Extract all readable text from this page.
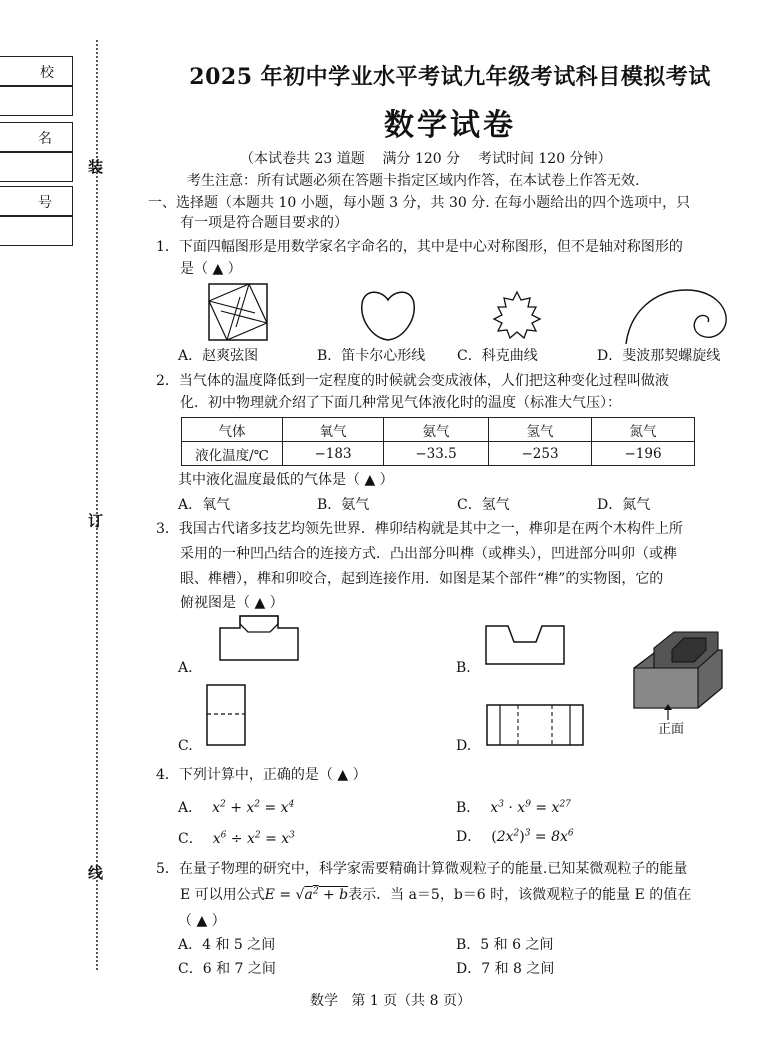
校
名
号
装
订
线
2025 年初中学业水平考试九年级考试科目模拟考试
数学试卷
（本试卷共 23 道题    满分 120 分    考试时间 120 分钟）
考生注意：所有试题必须在答题卡指定区域内作答，在本试卷上作答无效.
一、选择题（本题共 10 小题，每小题 3 分，共 30 分. 在每小题给出的四个选项中，只
有一项是符合题目要求的）
1．下面四幅图形是用数学家名字命名的，其中是中心对称图形，但不是轴对称图形的
是（ ▲ ）
A．赵爽弦图	B．笛卡尔心形线 C．科克曲线	D．斐波那契螺旋线
2．当气体的温度降低到一定程度的时候就会变成液体，人们把这种变化过程叫做液
化．初中物理就介绍了下面几种常见气体液化时的温度（标准大气压）：
气体	氧气	氨气	氢气	氮气
液化温度/℃	−183	−33.5	−253	−196
其中液化温度最低的气体是（ ▲ ）
A．氧气	B．氨气	C．氢气	D．氮气
3．我国古代诸多技艺均领先世界．榫卯结构就是其中之一，榫卯是在两个木构件上所
采用的一种凹凸结合的连接方式．凸出部分叫榫（或榫头），凹进部分叫卯（或榫
眼、榫槽），榫和卯咬合，起到连接作用．如图是某个部件“榫”的实物图，它的
俯视图是（ ▲ ）
A.	B.
正面
C.	D.
4．下列计算中，正确的是（ ▲ ）
A． $x^2 + x^2 = x^4$	B． $x^3 \cdot x^9 = x^{27}$
C． $x^6 \div x^2 = x^3$	D． $(2x^2)^3 = 8x^6$
5．在量子物理的研究中，科学家需要精确计算微观粒子的能量.已知某微观粒子的能量
E 可以用公式$E = √a^2 + b$表示．当 a＝5，b＝6 时，该微观粒子的能量 E 的值在
（ ▲ ）
A．4 和 5 之间	B．5 和 6 之间
C．6 和 7 之间	D．7 和 8 之间
数学   第 1 页（共 8 页）
